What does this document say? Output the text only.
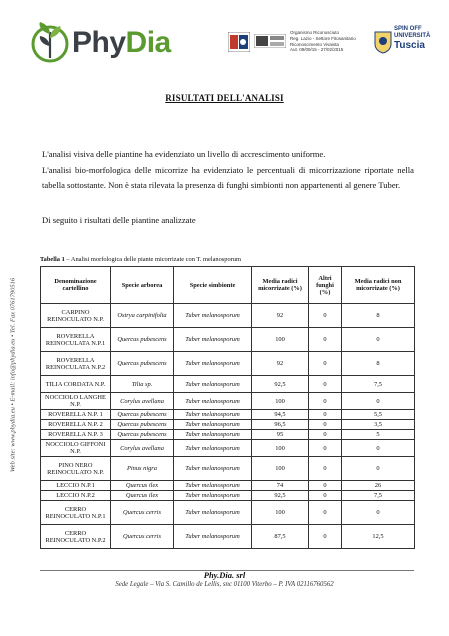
PhyDia	Organismo Riconosciuto
Reg. Lazio - Settore Fitosanitario
Riconoscimento Vivaista
Aut. 09/09/15 - 27/02/2015
SPIN OFF
UNIVERSITÀ
Tuscia
Web site: www.phydia.eu • E-mail: info@phydia.eu • Tel. Fax 0761790516
RISULTATI DELL'ANALISI
L'analisi visiva delle piantine ha evidenziato un livello di accrescimento uniforme.
L'analisi bio-morfologica delle micorrize ha evidenziato le percentuali di micorrizazione riportate nella tabella sottostante. Non è stata rilevata la presenza di funghi simbionti non appartenenti al genere Tuber.
Di seguito i risultati delle piantine analizzate
Tabella 1 – Analisi morfologica delle piante micorrizate con T. melanosporum
Denominazione cartellino	Specie arborea	Specie simbionte	Media radici micorrizate (%)	Altri funghi (%)	Media radici non micorrizate (%)
CARPINO REINOCULATO N.P.	Ostrya carpinifolia	Tuber melanosporum	92	0	8
ROVERELLA REINOCULATA N.P.1	Quercus pubescens	Tuber melanosporum	100	0	0
ROVERELLA REINOCULATA N.P.2	Quercus pubescens	Tuber melanosporum	92	0	8
TILIA CORDATA N.P.	Tilia sp.	Tuber melanosporum	92,5	0	7,5
NOCCIOLO LANGHE N.P.	Corylus avellana	Tuber melanosporum	100	0	0
ROVERELLA N.P. 1	Quercus pubescens	Tuber melanosporum	94,5	0	5,5
ROVERELLA N.P. 2	Quercus pubescens	Tuber melanosporum	96,5	0	3,5
ROVERELLA N.P. 3	Quercus pubescens	Tuber melanosporum	95	0	5
NOCCIOLO GIFFONI N.P.	Corylus avellana	Tuber melanosporum	100	0	0
PINO NERO REINOCULATO N.P.	Pinus nigra	Tuber melanosporum	100	0	0
LECCIO N.P.1	Quercus ilex	Tuber melanosporum	74	0	26
LECCIO N.P.2	Quercus ilex	Tuber melanosporum	92,5	0	7,5
CERRO REINOCULATO N.P.1	Quercus cerris	Tuber melanosporum	100	0	0
CERRO REINOCULATO N.P.2	Quercus cerris	Tuber melanosporum	87,5	0	12,5
Phy.Dia. srl
Sede Legale – Via S. Camillo de Lellis, snc 01100 Viterbo – P. IVA 02116760562
